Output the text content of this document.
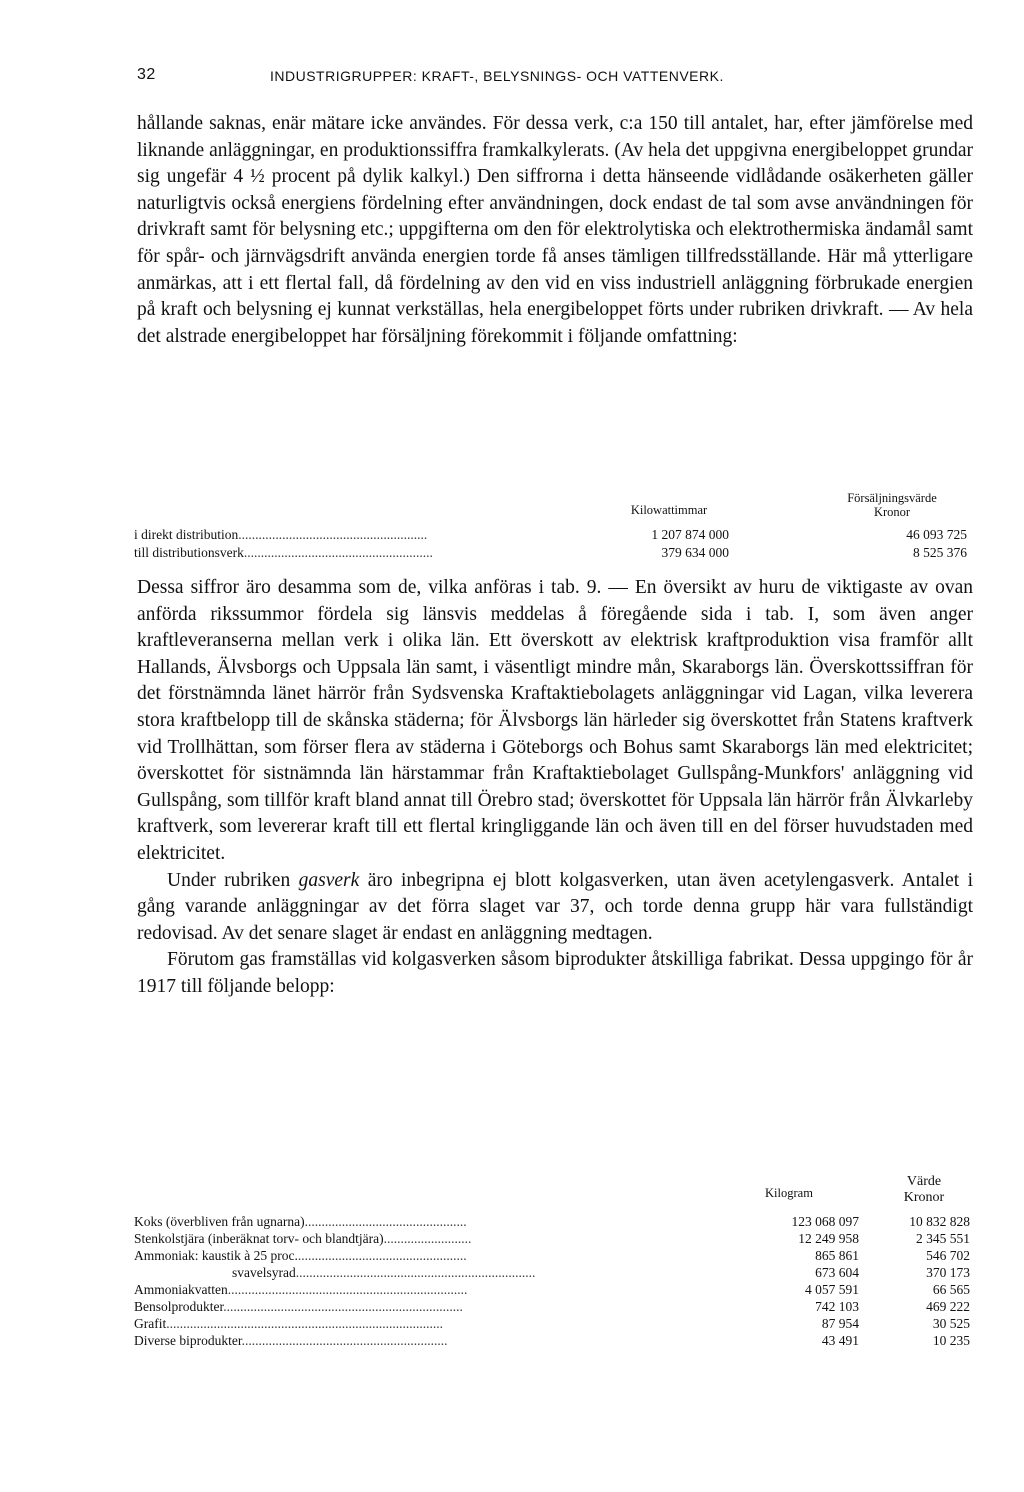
32	INDUSTRIGRUPPER: KRAFT-, BELYSNINGS- OCH VATTENVERK.

hållande saknas, enär mätare icke användes. För dessa verk, c:a 150 till antalet, har, efter jämförelse med liknande anläggningar, en produktionssiffra framkalkylerats. (Av hela det uppgivna energibeloppet grundar sig ungefär 4 ½ procent på dylik kalkyl.) Den siffrorna i detta hänseende vidlådande osäkerheten gäller naturligtvis också energiens fördelning efter användningen, dock endast de tal som avse användningen för drivkraft samt för belysning etc.; uppgifterna om den för elektrolytiska och elektrothermiska ändamål samt för spår- och järnvägsdrift använda energien torde få anses tämligen tillfredsställande. Här må ytterligare anmärkas, att i ett flertal fall, då fördelning av den vid en viss industriell anläggning förbrukade energien på kraft och belysning ej kunnat verkställas, hela energibeloppet förts under rubriken drivkraft. — Av hela det alstrade energibeloppet har försäljning förekommit i följande omfattning:

Kilowattimmar
Försäljningsvärde
Kronor
i direkt distribution........................................................	1 207 874 000	46 093 725
till distributionsverk........................................................	379 634 000	8 525 376

Dessa siffror äro desamma som de, vilka anföras i tab. 9. — En översikt av huru de viktigaste av ovan anförda rikssummor fördela sig länsvis meddelas å föregående sida i tab. I, som även anger kraftleveranserna mellan verk i olika län. Ett överskott av elektrisk kraftproduktion visa framför allt Hallands, Älvsborgs och Uppsala län samt, i väsentligt mindre mån, Skaraborgs län. Överskottssiffran för det förstnämnda länet härrör från Sydsvenska Kraftaktiebolagets anläggningar vid Lagan, vilka leverera stora kraftbelopp till de skånska städerna; för Älvsborgs län härleder sig överskottet från Statens kraftverk vid Trollhättan, som förser flera av städerna i Göteborgs och Bohus samt Skaraborgs län med elektricitet; överskottet för sistnämnda län härstammar från Kraftaktiebolaget Gullspång-Munkfors' anläggning vid Gullspång, som tillför kraft bland annat till Örebro stad; överskottet för Uppsala län härrör från Älvkarleby kraftverk, som levererar kraft till ett flertal kringliggande län och även till en del förser huvudstaden med elektricitet.

Under rubriken gasverk äro inbegripna ej blott kolgasverken, utan även acetylengasverk. Antalet i gång varande anläggningar av det förra slaget var 37, och torde denna grupp här vara fullständigt redovisad. Av det senare slaget är endast en anläggning medtagen.

Förutom gas framställas vid kolgasverken såsom biprodukter åtskilliga fabrikat. Dessa uppgingo för år 1917 till följande belopp:

Kilogram
Värde
Kronor
Koks (överbliven från ugnarna)................................................	123 068 097	10 832 828
Stenkolstjära (inberäknat torv- och blandtjära)..........................	12 249 958	2 345 551
Ammoniak: kaustik à 25 proc...................................................	865 861	546 702
svavelsyrad.......................................................................	673 604	370 173
Ammoniakvatten.......................................................................	4 057 591	66 565
Bensolprodukter.......................................................................	742 103	469 222
Grafit..................................................................................	87 954	30 525
Diverse biprodukter.............................................................	43 491	10 235
